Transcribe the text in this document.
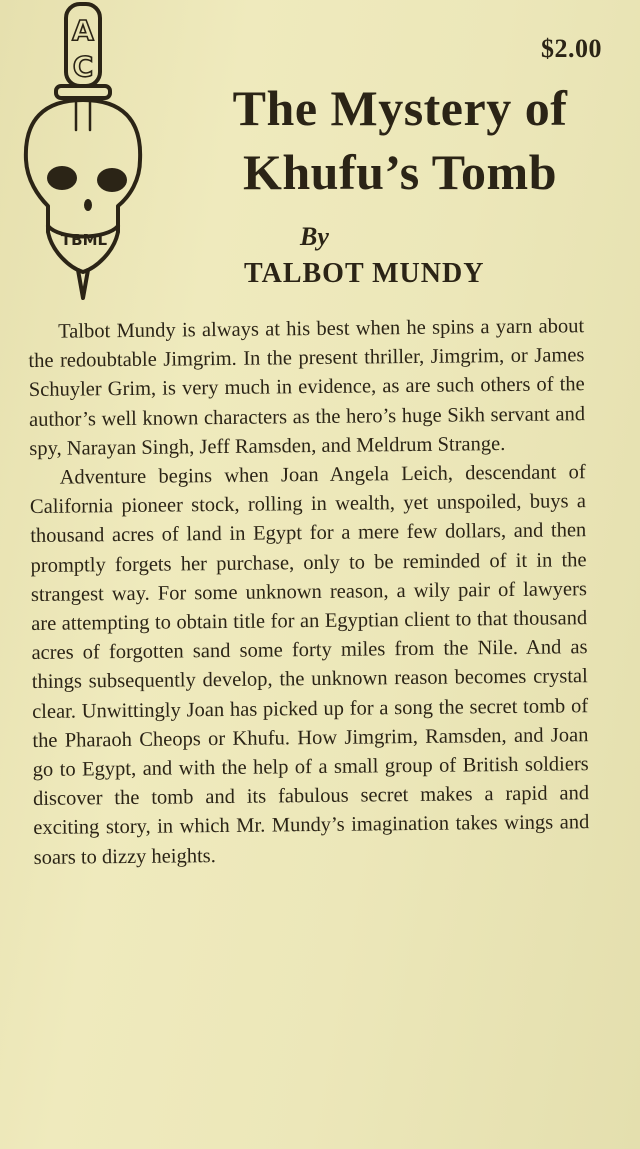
A
C
TBML
$2.00
The Mystery of
Khufu’s Tomb
By
TALBOT MUNDY

Talbot Mundy is always at his best when he spins a yarn about the redoubtable Jimgrim. In the present thriller, Jimgrim, or James Schuyler Grim, is very much in evidence, as are such others of the author’s well known characters as the hero’s huge Sikh servant and spy, Narayan Singh, Jeff Ramsden, and Meldrum Strange.

Adventure begins when Joan Angela Leich, descendant of California pioneer stock, rolling in wealth, yet unspoiled, buys a thousand acres of land in Egypt for a mere few dollars, and then promptly forgets her purchase, only to be reminded of it in the strangest way. For some unknown reason, a wily pair of lawyers are attempting to obtain title for an Egyptian client to that thousand acres of forgotten sand some forty miles from the Nile. And as things subsequently develop, the unknown reason becomes crystal clear. Unwittingly Joan has picked up for a song the secret tomb of the Pharaoh Cheops or Khufu. How Jimgrim, Ramsden, and Joan go to Egypt, and with the help of a small group of British soldiers discover the tomb and its fabulous secret makes a rapid and exciting story, in which Mr. Mundy’s imagination takes wings and soars to dizzy heights.
